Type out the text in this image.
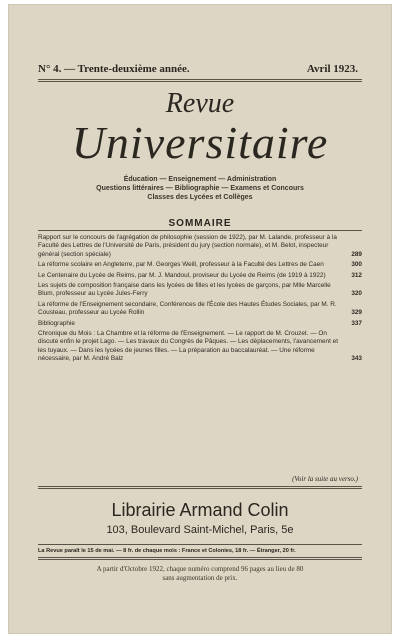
N° 4. — Trente-deuxième année.	Avril 1923.
Revue
Universitaire
Éducation — Enseignement — Administration
Questions littéraires — Bibliographie — Examens et Concours
Classes des Lycées et Collèges
SOMMAIRE
Rapport sur le concours de l'agrégation de philosophie (session de 1922), par M. Lalande, professeur à la Faculté des Lettres de l'Université de Paris, président du jury (section normale), et M. Belot, inspecteur général (section spéciale)	289
La réforme scolaire en Angleterre, par M. Georges Weill, professeur à la Faculté des Lettres de Caen	300
Le Centenaire du Lycée de Reims, par M. J. Mandoul, proviseur du Lycée de Reims (de 1919 à 1922)	312
Les sujets de composition française dans les lycées de filles et les lycées de garçons, par Mlle Marcelle Blum, professeur au Lycée Jules-Ferry	320
La réforme de l'Enseignement secondaire, Conférences de l'École des Hautes Études Sociales, par M. R. Cousteau, professeur au Lycée Rollin	329
Bibliographie	337
Chronique du Mois : La Chambre et la réforme de l'Enseignement. — Le rapport de M. Crouzet. — On discute enfin le projet Lago. — Les travaux du Congrès de Pâques. — Les déplacements, l'avancement et les tuyaux. — Dans les lycées de jeunes filles. — La préparation au baccalauréat. — Une réforme nécessaire, par M. André Balz	343
(Voir la suite au verso.)
Librairie Armand Colin
103, Boulevard Saint-Michel, Paris, 5e
La Revue paraît le 15 de mai. — 8 fr. de chaque mois : France et Colonies, 18 fr. — Étranger, 20 fr.
A partir d'Octobre 1922, chaque numéro comprend 96 pages au lieu de 80
sans augmentation de prix.
